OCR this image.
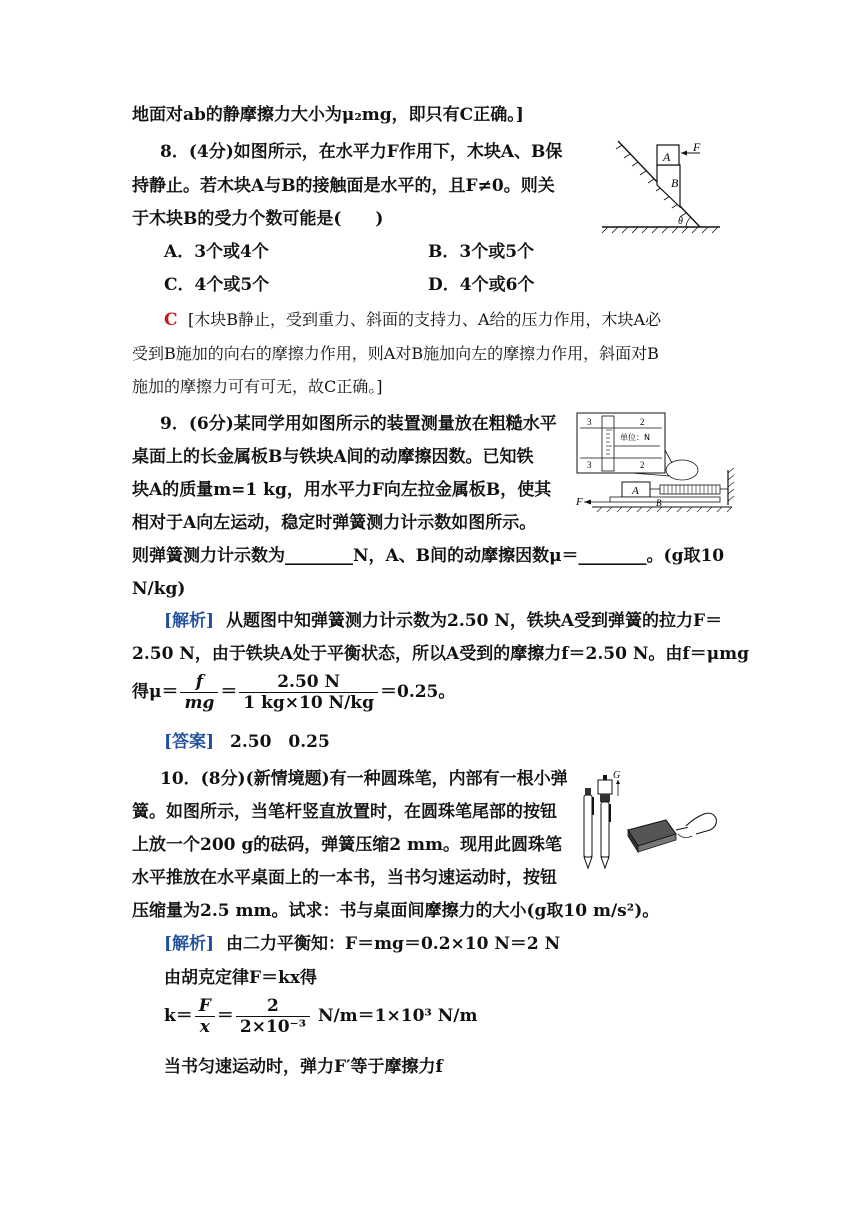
地面对ab的静摩擦力大小为μ₂mg，即只有C正确。]
8．(4分)如图所示，在水平力F作用下，木块A、B保
持静止。若木块A与B的接触面是水平的，且F≠0。则关
于木块B的受力个数可能是(　　)
A．3个或4个	B．3个或5个
C．4个或5个	D．4个或6个
C [木块B静止，受到重力、斜面的支持力、A给的压力作用，木块A必
受到B施加的向右的摩擦力作用，则A对B施加向左的摩擦力作用，斜面对B
施加的摩擦力可有可无，故C正确。]
A
B
F
θ
9．(6分)某同学用如图所示的装置测量放在粗糙水平
桌面上的长金属板B与铁块A间的动摩擦因数。已知铁
块A的质量m=1 kg，用水平力F向左拉金属板B，使其
相对于A向左运动，稳定时弹簧测力计示数如图所示。
则弹簧测力计示数为________N，A、B间的动摩擦因数μ＝________。(g取10
N/kg)
[解析] 从题图中知弹簧测力计示数为2.50 N，铁块A受到弹簧的拉力F＝
2.50 N，由于铁块A处于平衡状态，所以A受到的摩擦力f＝2.50 N。由f＝μmg
得$\mu= \frac{f}{mg} = \frac{2.50 N}{1 kg\times 10 N/kg} =0.25$。
[答案] 2.50　0.25
3	2
单位：N
3	2
A
B
F
10．(8分)(新情境题)有一种圆珠笔，内部有一根小弹
簧。如图所示，当笔杆竖直放置时，在圆珠笔尾部的按钮
上放一个200 g的砝码，弹簧压缩2 mm。现用此圆珠笔
水平推放在水平桌面上的一本书，当书匀速运动时，按钮
压缩量为2.5 mm。试求：书与桌面间摩擦力的大小(g取10 m/s²)。
[解析] 由二力平衡知：F＝mg＝0.2×10 N＝2 N
由胡克定律F＝kx得
$k= \frac{F}{x} = \frac{2}{\text{2×10⁻³}} N/m=1\times 10^3$ N/m
当书匀速运动时，弹力F′等于摩擦力f
G
